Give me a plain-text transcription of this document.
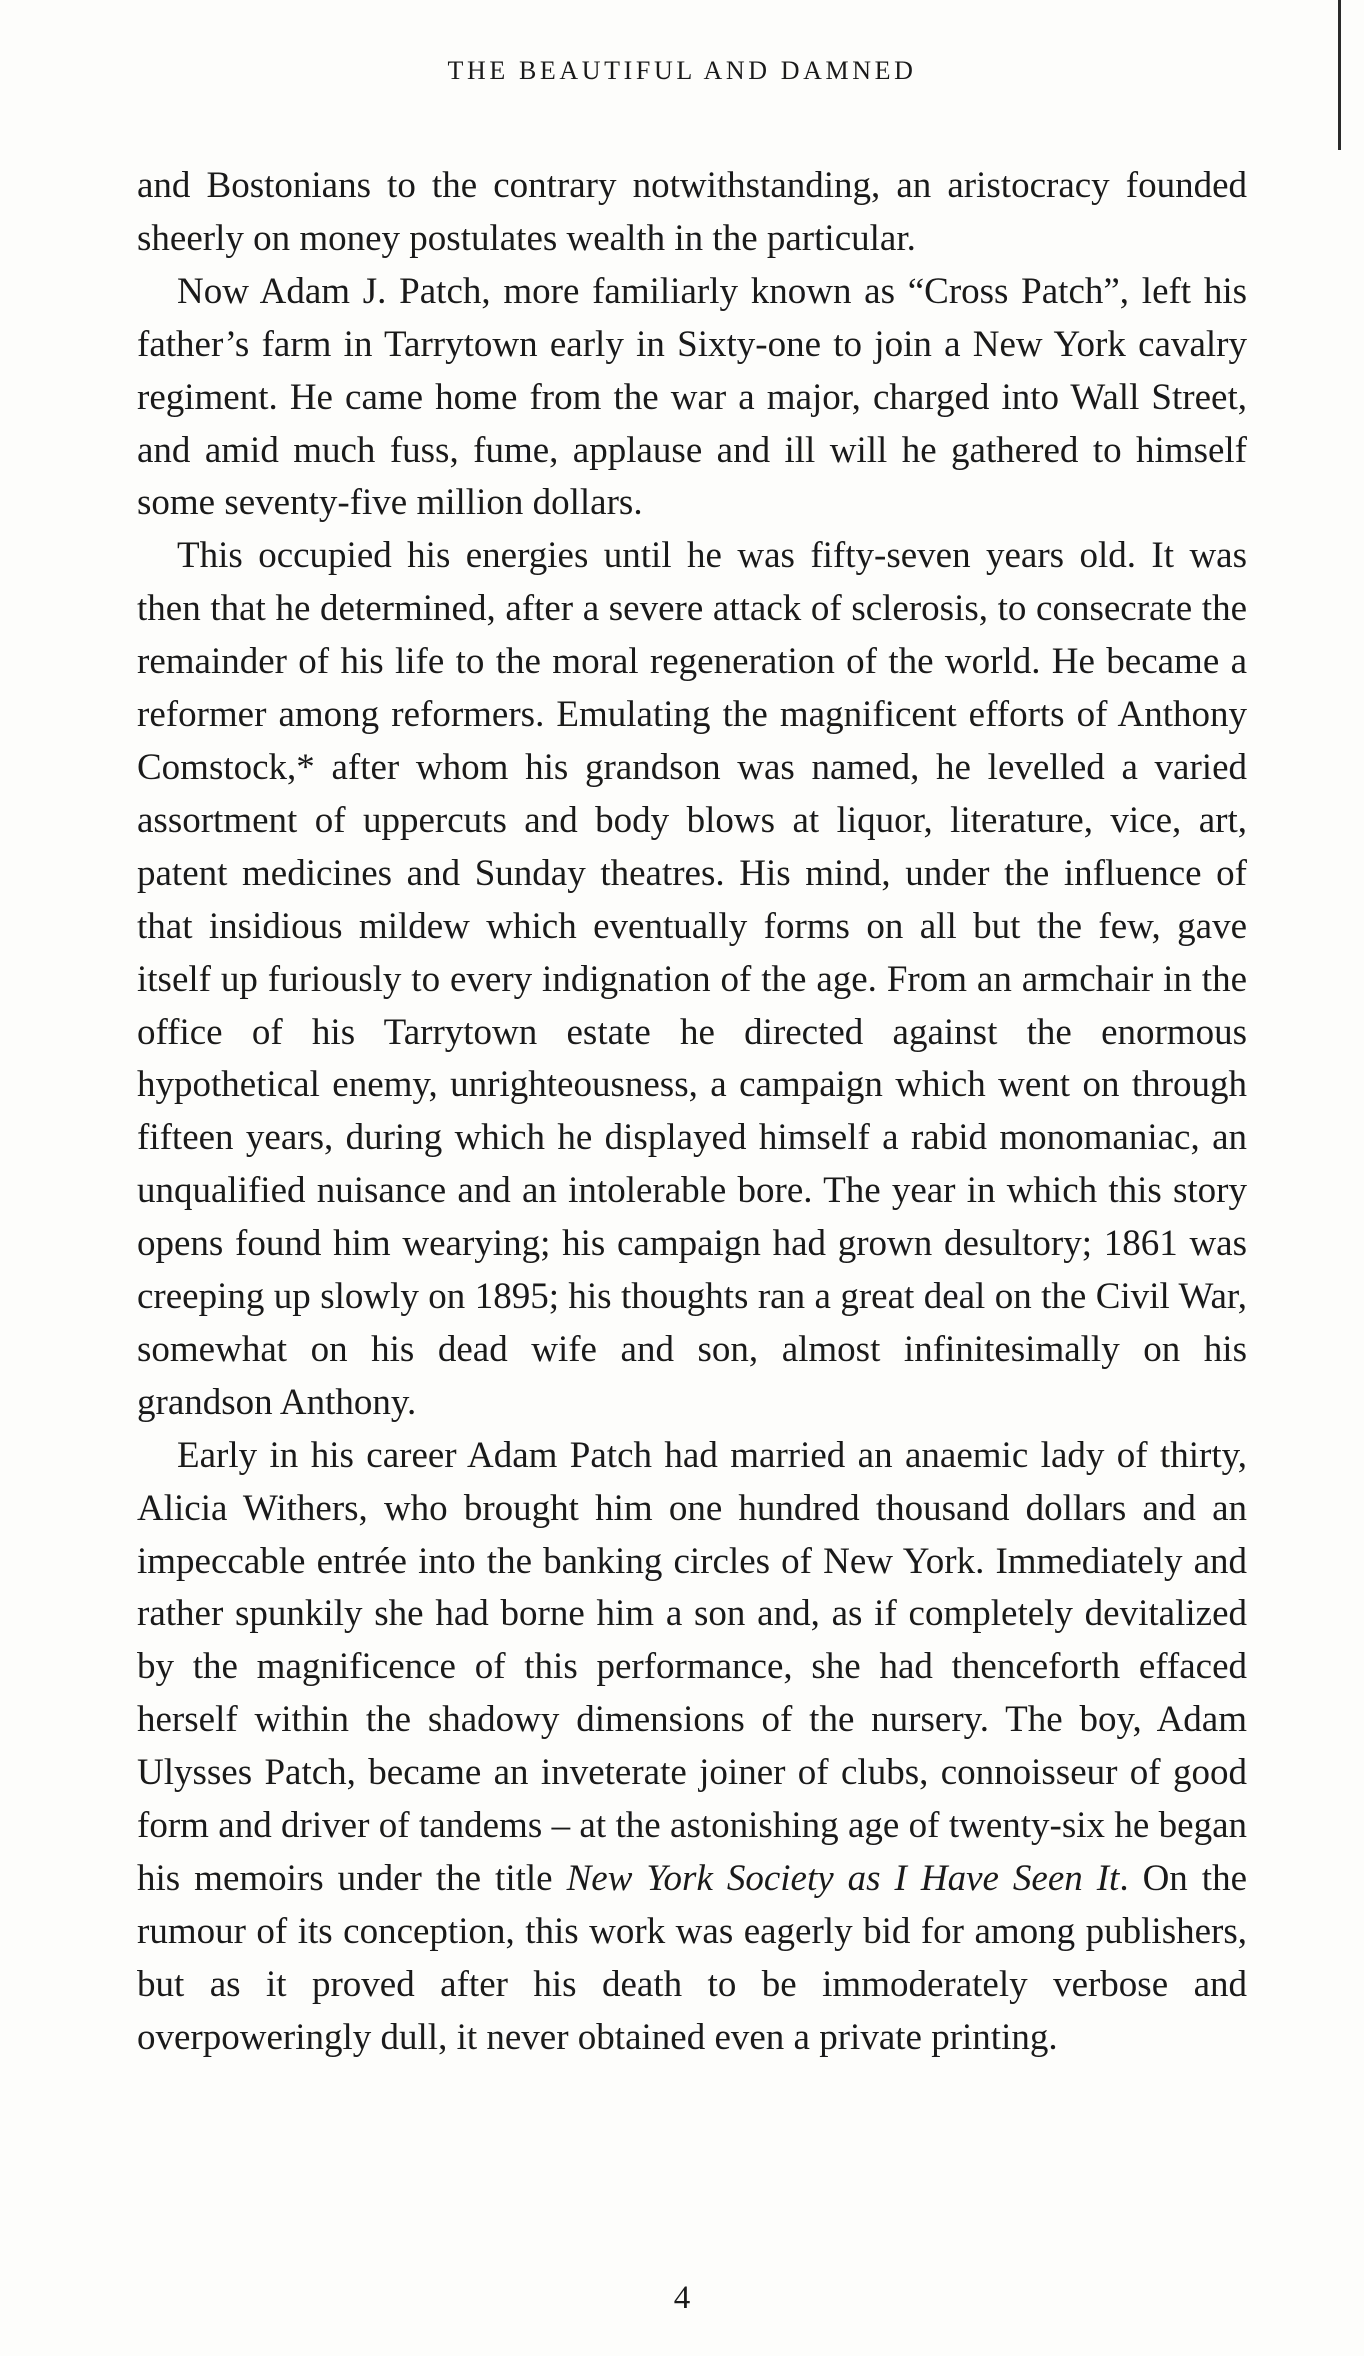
THE BEAUTIFUL AND DAMNED

and Bostonians to the contrary notwithstanding, an aristocracy founded sheerly on money postulates wealth in the particular.

Now Adam J. Patch, more familiarly known as “Cross Patch”, left his father’s farm in Tarrytown early in Sixty-one to join a New York cavalry regiment. He came home from the war a major, charged into Wall Street, and amid much fuss, fume, applause and ill will he gathered to himself some seventy-five million dollars.

This occupied his energies until he was fifty-seven years old. It was then that he determined, after a severe attack of sclerosis, to consecrate the remainder of his life to the moral regeneration of the world. He became a reformer among reformers. Emulating the magnificent efforts of Anthony Comstock,* after whom his grandson was named, he levelled a varied assortment of uppercuts and body blows at liquor, literature, vice, art, patent medicines and Sunday theatres. His mind, under the influence of that insidious mildew which eventually forms on all but the few, gave itself up furiously to every indignation of the age. From an armchair in the office of his Tarrytown estate he directed against the enormous hypothetical enemy, unrighteousness, a campaign which went on through fifteen years, during which he displayed himself a rabid monomaniac, an unqualified nuisance and an intolerable bore. The year in which this story opens found him wearying; his campaign had grown desultory; 1861 was creeping up slowly on 1895; his thoughts ran a great deal on the Civil War, somewhat on his dead wife and son, almost infinitesimally on his grandson Anthony.

Early in his career Adam Patch had married an anaemic lady of thirty, Alicia Withers, who brought him one hundred thousand dollars and an impeccable entrée into the banking circles of New York. Immediately and rather spunkily she had borne him a son and, as if completely devitalized by the magnificence of this performance, she had thenceforth effaced herself within the shadowy dimensions of the nursery. The boy, Adam Ulysses Patch, became an inveterate joiner of clubs, connoisseur of good form and driver of tandems – at the astonishing age of twenty-six he began his memoirs under the title New York Society as I Have Seen It. On the rumour of its conception, this work was eagerly bid for among publishers, but as it proved after his death to be immoderately verbose and overpoweringly dull, it never obtained even a private printing.

4
